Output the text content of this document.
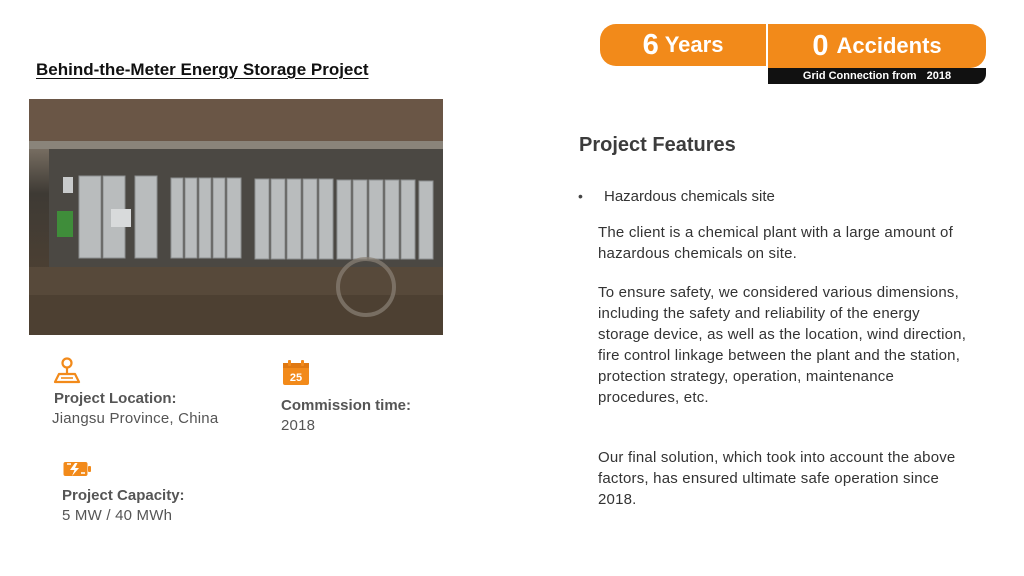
Behind-the-Meter Energy Storage Project
6 Years	0 Accidents
Grid Connection from 2018
Project Location:
Jiangsu Province, China
25
Commission time:
2018
Project Capacity:
5 MW / 40 MWh
Project Features
• Hazardous chemicals site
The client is a chemical plant with a large amount of hazardous chemicals on site.
To ensure safety, we considered various dimensions, including the safety and reliability of the energy storage device, as well as the location, wind direction, fire control linkage between the plant and the station, protection strategy, operation, maintenance procedures, etc.
Our final solution, which took into account the above factors, has ensured ultimate safe operation since 2018.
